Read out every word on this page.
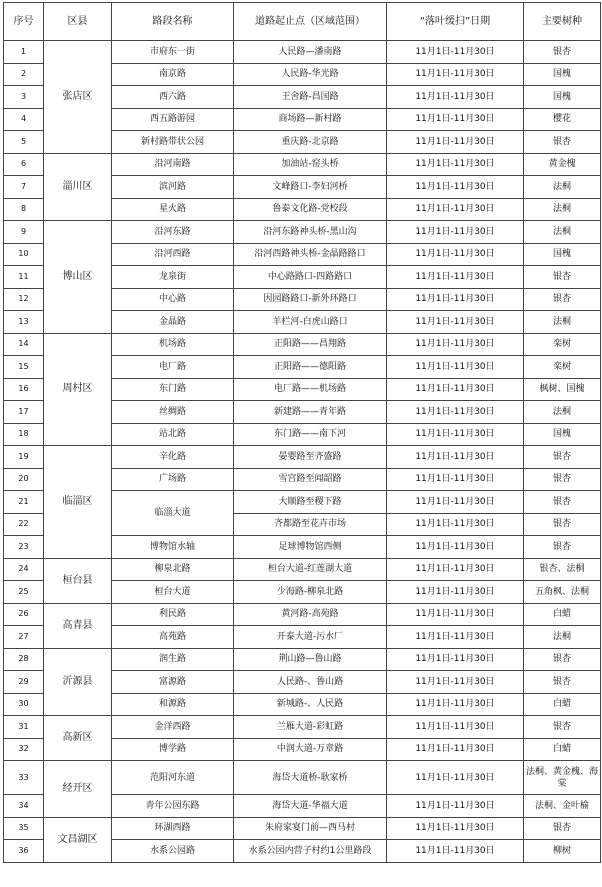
序号	区县	路段名称	道路起止点（区域范围）	“落叶缓扫”日期	主要树种
1	张店区	市府东一街	人民路—潘南路	11月1日-11月30日	银杏
2		南京路	人民路-华光路	11月1日-11月30日	国槐
3		西六路	王舍路-昌国路	11月1日-11月30日	国槐
4		西五路游园	商场路—新村路	11月1日-11月30日	樱花
5		新村路带状公园	重庆路-北京路	11月1日-11月30日	银杏
6	淄川区	沿河南路	加油站-窑头桥	11月1日-11月30日	黄金槐
7		滨河路	文峰路口-李妇河桥	11月1日-11月30日	法桐
8		星火路	鲁泰文化路-党校段	11月1日-11月30日	法桐
9	博山区	沿河东路	沿河东路神头桥-黑山沟	11月1日-11月30日	法桐
10		沿河西路	沿河西路神头桥-金晶路路口	11月1日-11月30日	国槐
11		龙泉街	中心路路口-四路路口	11月1日-11月30日	银杏
12		中心路	因园路路口-新外环路口	11月1日-11月30日	银杏
13		金晶路	羊栏河-白虎山路口	11月1日-11月30日	法桐
14	周村区	机场路	正阳路——昌翔路	11月1日-11月30日	栾树
15		电厂路	正阳路——德阳路	11月1日-11月30日	栾树
16		东门路	电厂路——机场路	11月1日-11月30日	枫树、国槐
17		丝绸路	新建路——青年路	11月1日-11月30日	法桐
18		站北路	东门路——南下河	11月1日-11月30日	国槐
19	临淄区	辛化路	晏婴路至齐盛路	11月1日-11月30日	银杏
20		广场路	雪宫路至闻韶路	11月1日-11月30日	银杏
21		临淄大道	大顺路至稷下路	11月1日-11月30日	银杏
22			齐都路至花卉市场	11月1日-11月30日	银杏
23		博物馆水轴	足球博物馆西侧	11月1日-11月30日	银杏
24	桓台县	柳泉北路	桓台大道-红莲湖大道	11月1日-11月30日	银杏、法桐
25		桓台大道	少海路-柳泉北路	11月1日-11月30日	五角枫、法桐
26	高青县	利民路	黄河路-高苑路	11月1日-11月30日	白蜡
27		高苑路	开泰大道-污水厂	11月1日-11月30日	法桐
28	沂源县	润生路	荆山路—鲁山路	11月1日-11月30日	银杏
29		富源路	人民路-、鲁山路	11月1日-11月30日	银杏
30		和源路	新城路-、人民路	11月1日-11月30日	白蜡
31	高新区	金洋西路	兰雁大道-彩虹路	11月1日-11月30日	银杏
32		博学路	中润大道-万章路	11月1日-11月30日	白蜡
33	经开区	范阳河东道	海岱大道桥-耿家桥	11月1日-11月30日	法桐、黄金槐、海棠
34		青年公园东路	海岱大道-华福大道	11月1日-11月30日	法桐、金叶榆
35	文昌湖区	环湖西路	朱府家宴门前—西马村	11月1日-11月30日	银杏
36		水系公园路	水系公园内营子村约1公里路段	11月1日-11月30日	柳树
